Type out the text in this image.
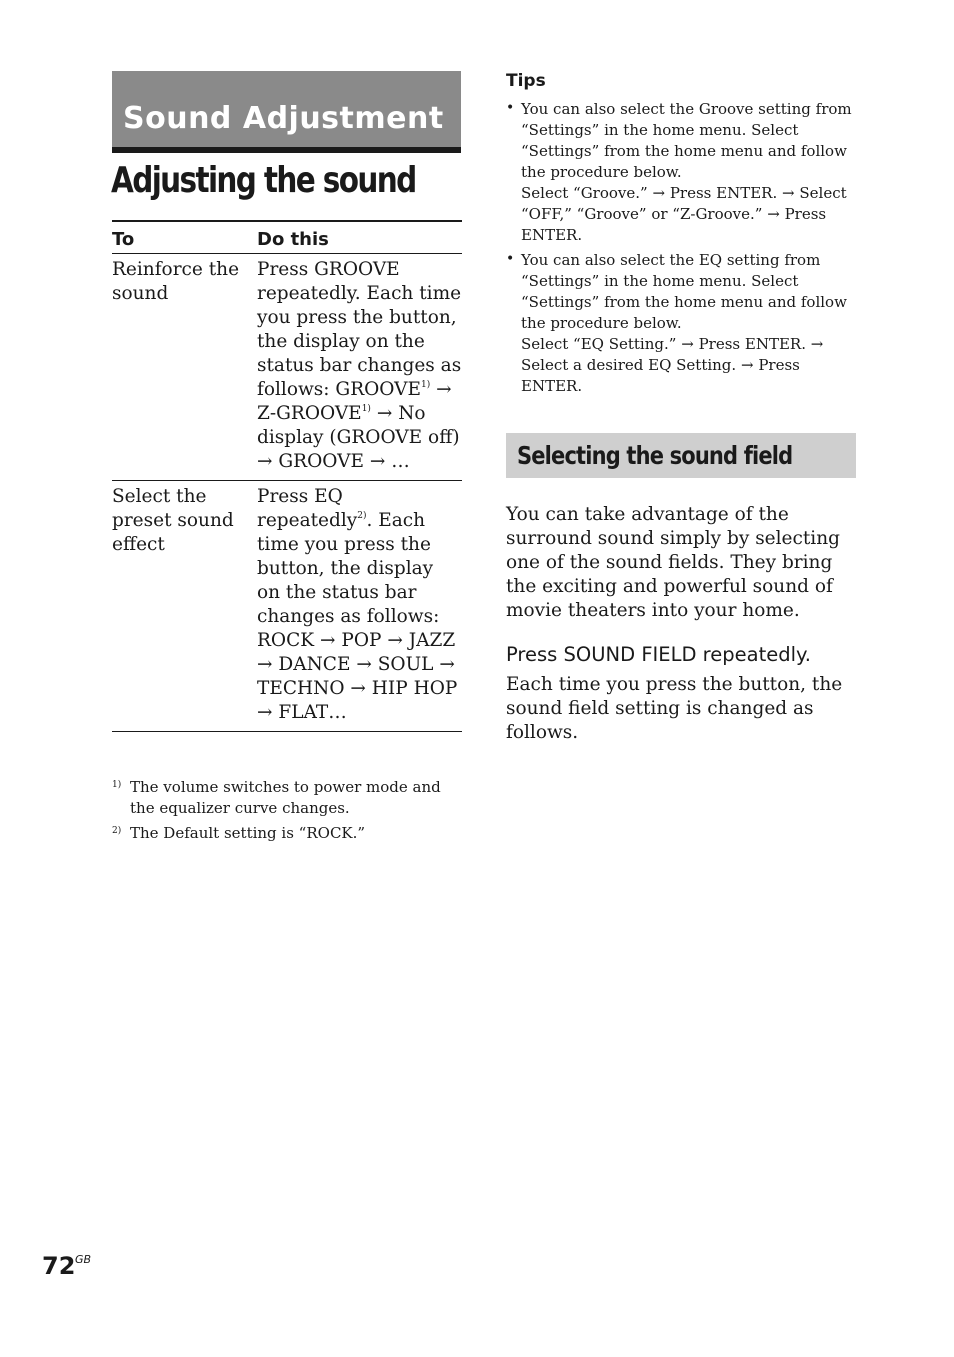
Sound Adjustment
Adjusting the sound
To	Do this
Reinforce the sound	Press GROOVE repeatedly. Each time you press the button, the display on the status bar changes as follows: $GROOVE^{1)}$ → $Z-GROOVE^{1)} \to No$ display (GROOVE off) → GROOVE → …
Select the preset sound effect	Press EQ repeatedly$^{2)}$. Each time you press the button, the display on the status bar changes as follows: ROCK → POP → JAZZ → DANCE → SOUL → TECHNO → HIP HOP → FLAT…
1) The volume switches to power mode and the equalizer curve changes.
2) The Default setting is “ROCK.”
Tips
• You can also select the Groove setting from “Settings” in the home menu. Select “Settings” from the home menu and follow the procedure below.
Select “Groove.” → Press ENTER. → Select “OFF,” “Groove” or “Z-Groove.” → Press ENTER.
• You can also select the EQ setting from “Settings” in the home menu. Select “Settings” from the home menu and follow the procedure below.
Select “EQ Setting.” → Press ENTER. → Select a desired EQ Setting. → Press ENTER.
Selecting the sound field
You can take advantage of the surround sound simply by selecting one of the sound fields. They bring the exciting and powerful sound of movie theaters into your home.
Press SOUND FIELD repeatedly.
Each time you press the button, the sound field setting is changed as follows.
72 GB
